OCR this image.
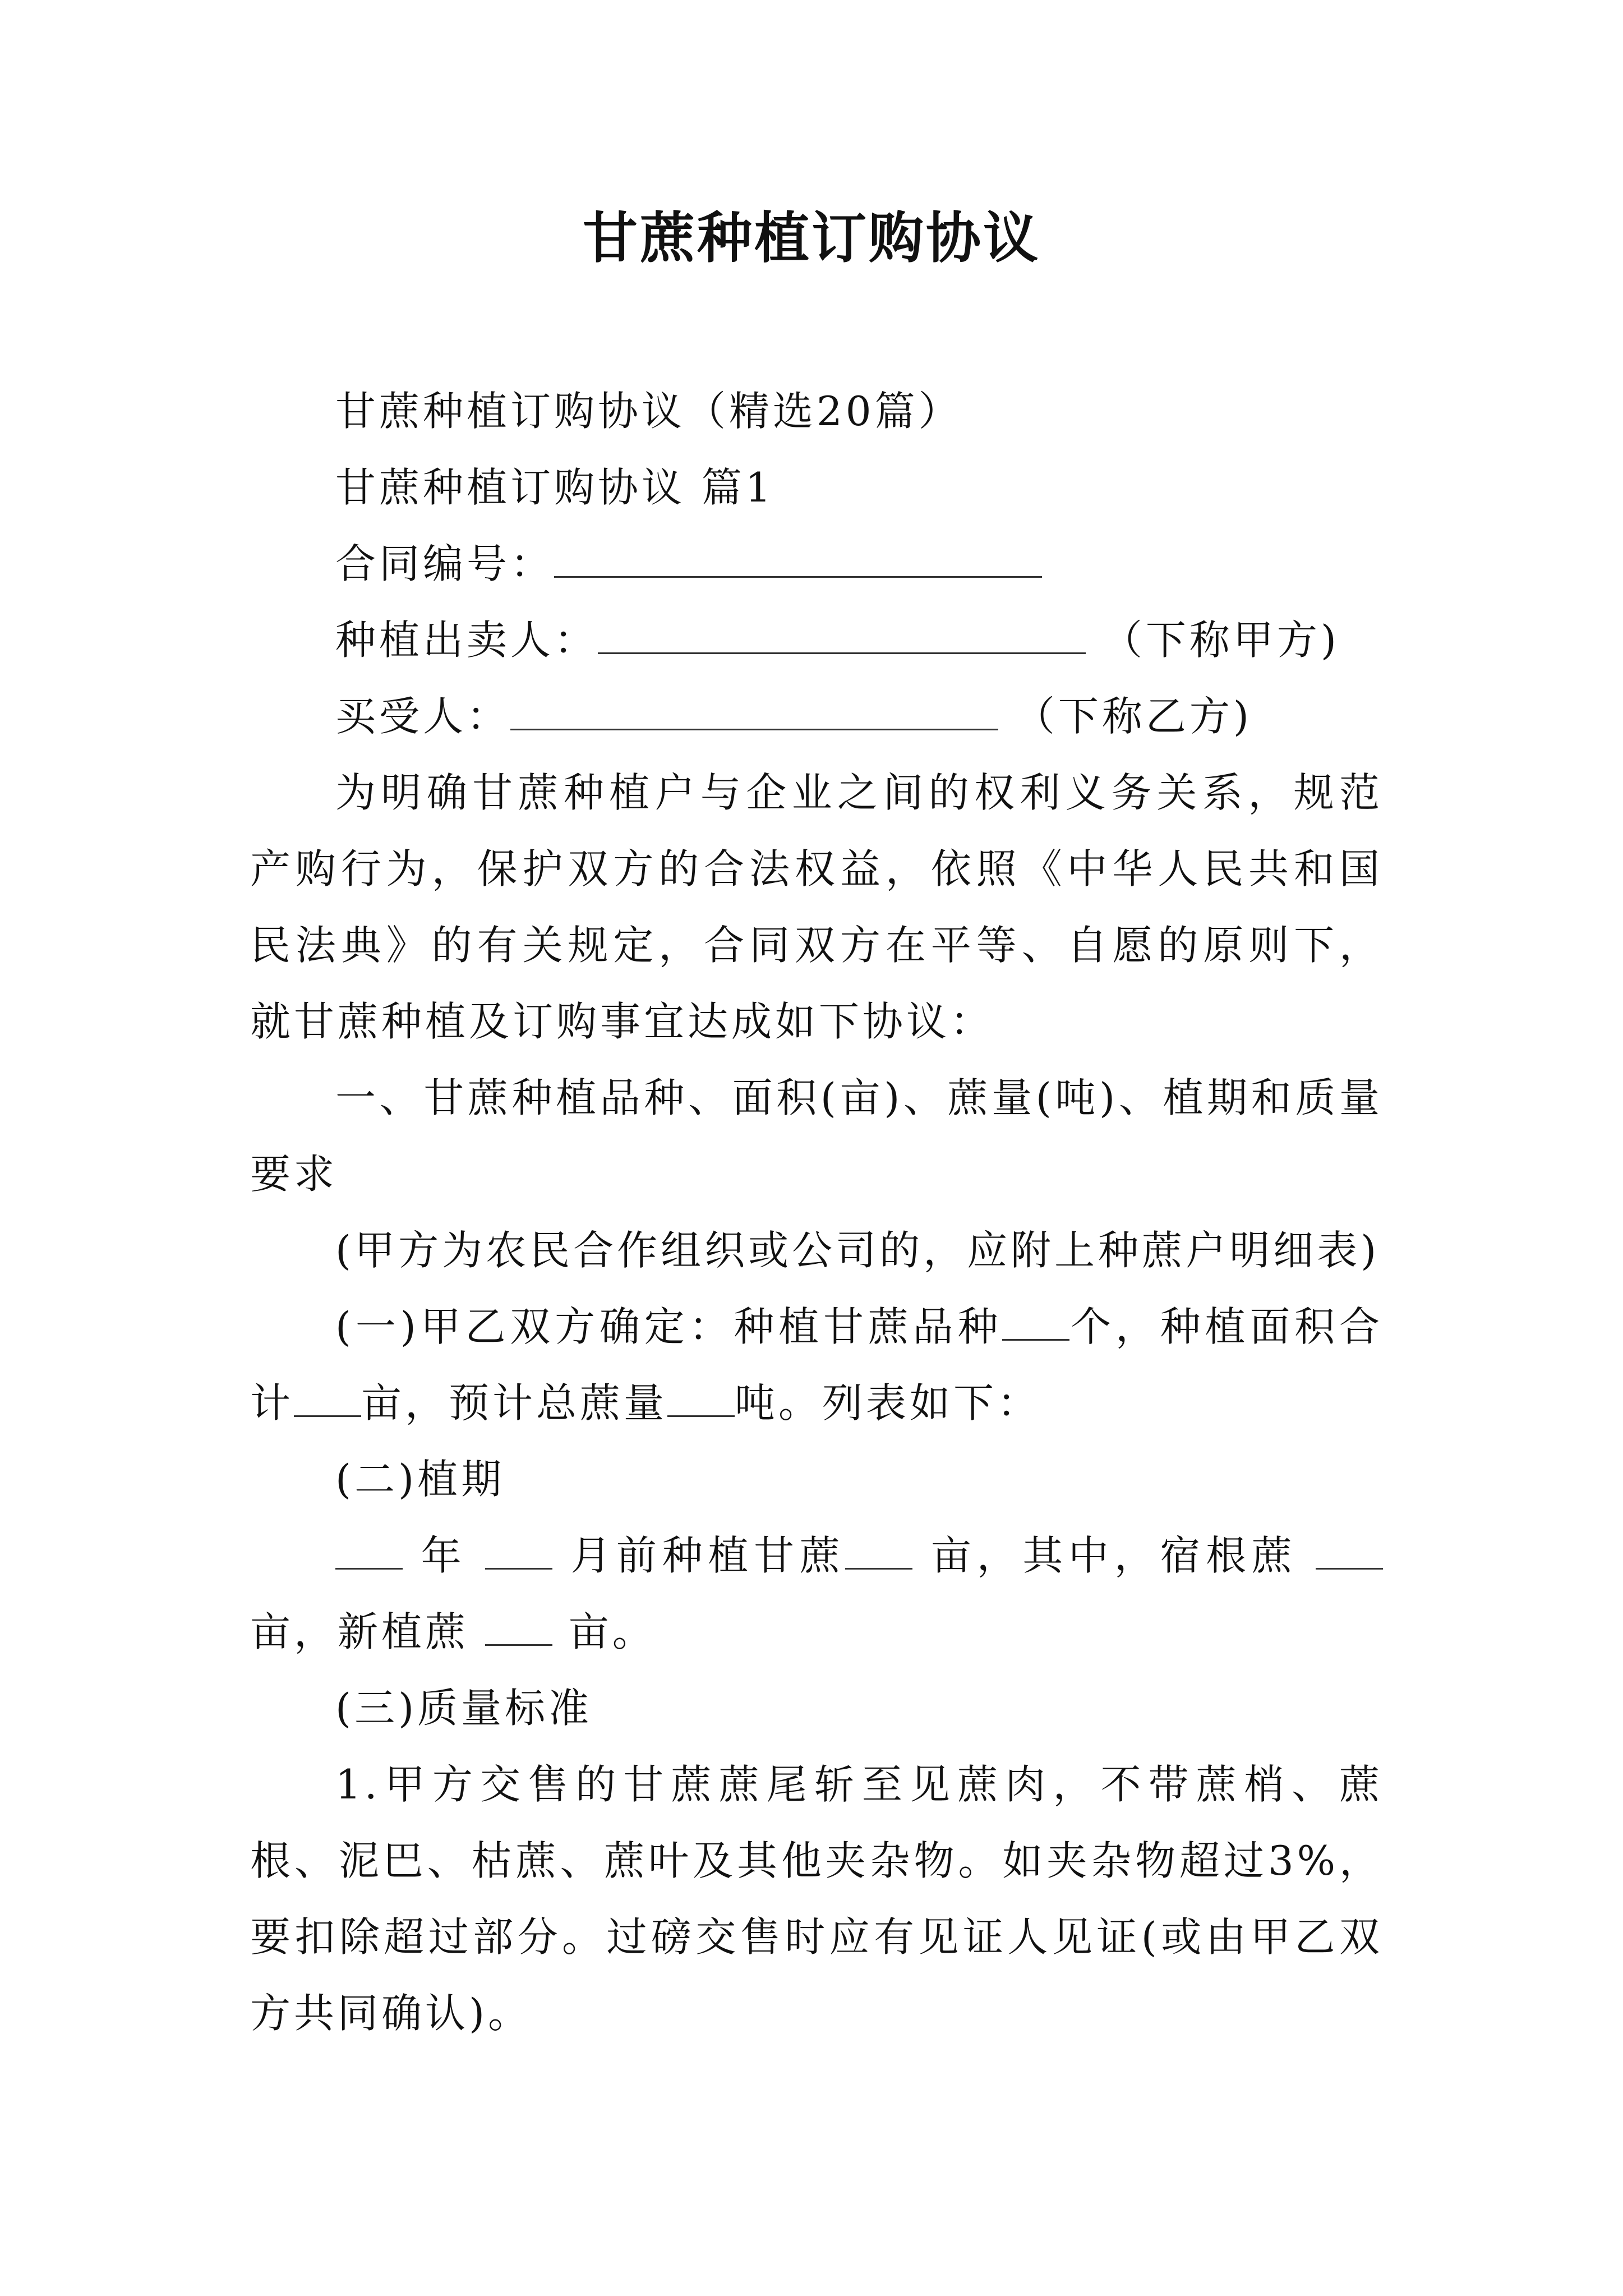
甘蔗种植订购协议

甘蔗种植订购协议（精选20篇）

甘蔗种植订购协议 篇1

合同编号：

种植出卖人：	（下称甲方)

买受人：	（下称乙方)

为明确甘蔗种植户与企业之间的权利义务关系，规范产购行为，保护双方的合法权益，依照《中华人民共和国民法典》的有关规定，合同双方在平等、自愿的原则下，就甘蔗种植及订购事宜达成如下协议：

一、甘蔗种植品种、面积(亩)、蔗量(吨)、植期和质量要求

(甲方为农民合作组织或公司的，应附上种蔗户明细表)

(一)甲乙双方确定：种植甘蔗品种 个，种植面积合计 亩，预计总蔗量 吨。列表如下：

(二)植期

年  月前种植甘蔗 亩，其中，宿根蔗 亩，新植蔗  亩。

(三)质量标准

1.甲方交售的甘蔗蔗尾斩至见蔗肉，不带蔗梢、蔗根、泥巴、枯蔗、蔗叶及其他夹杂物。如夹杂物超过3%，要扣除超过部分。过磅交售时应有见证人见证(或由甲乙双方共同确认)。
